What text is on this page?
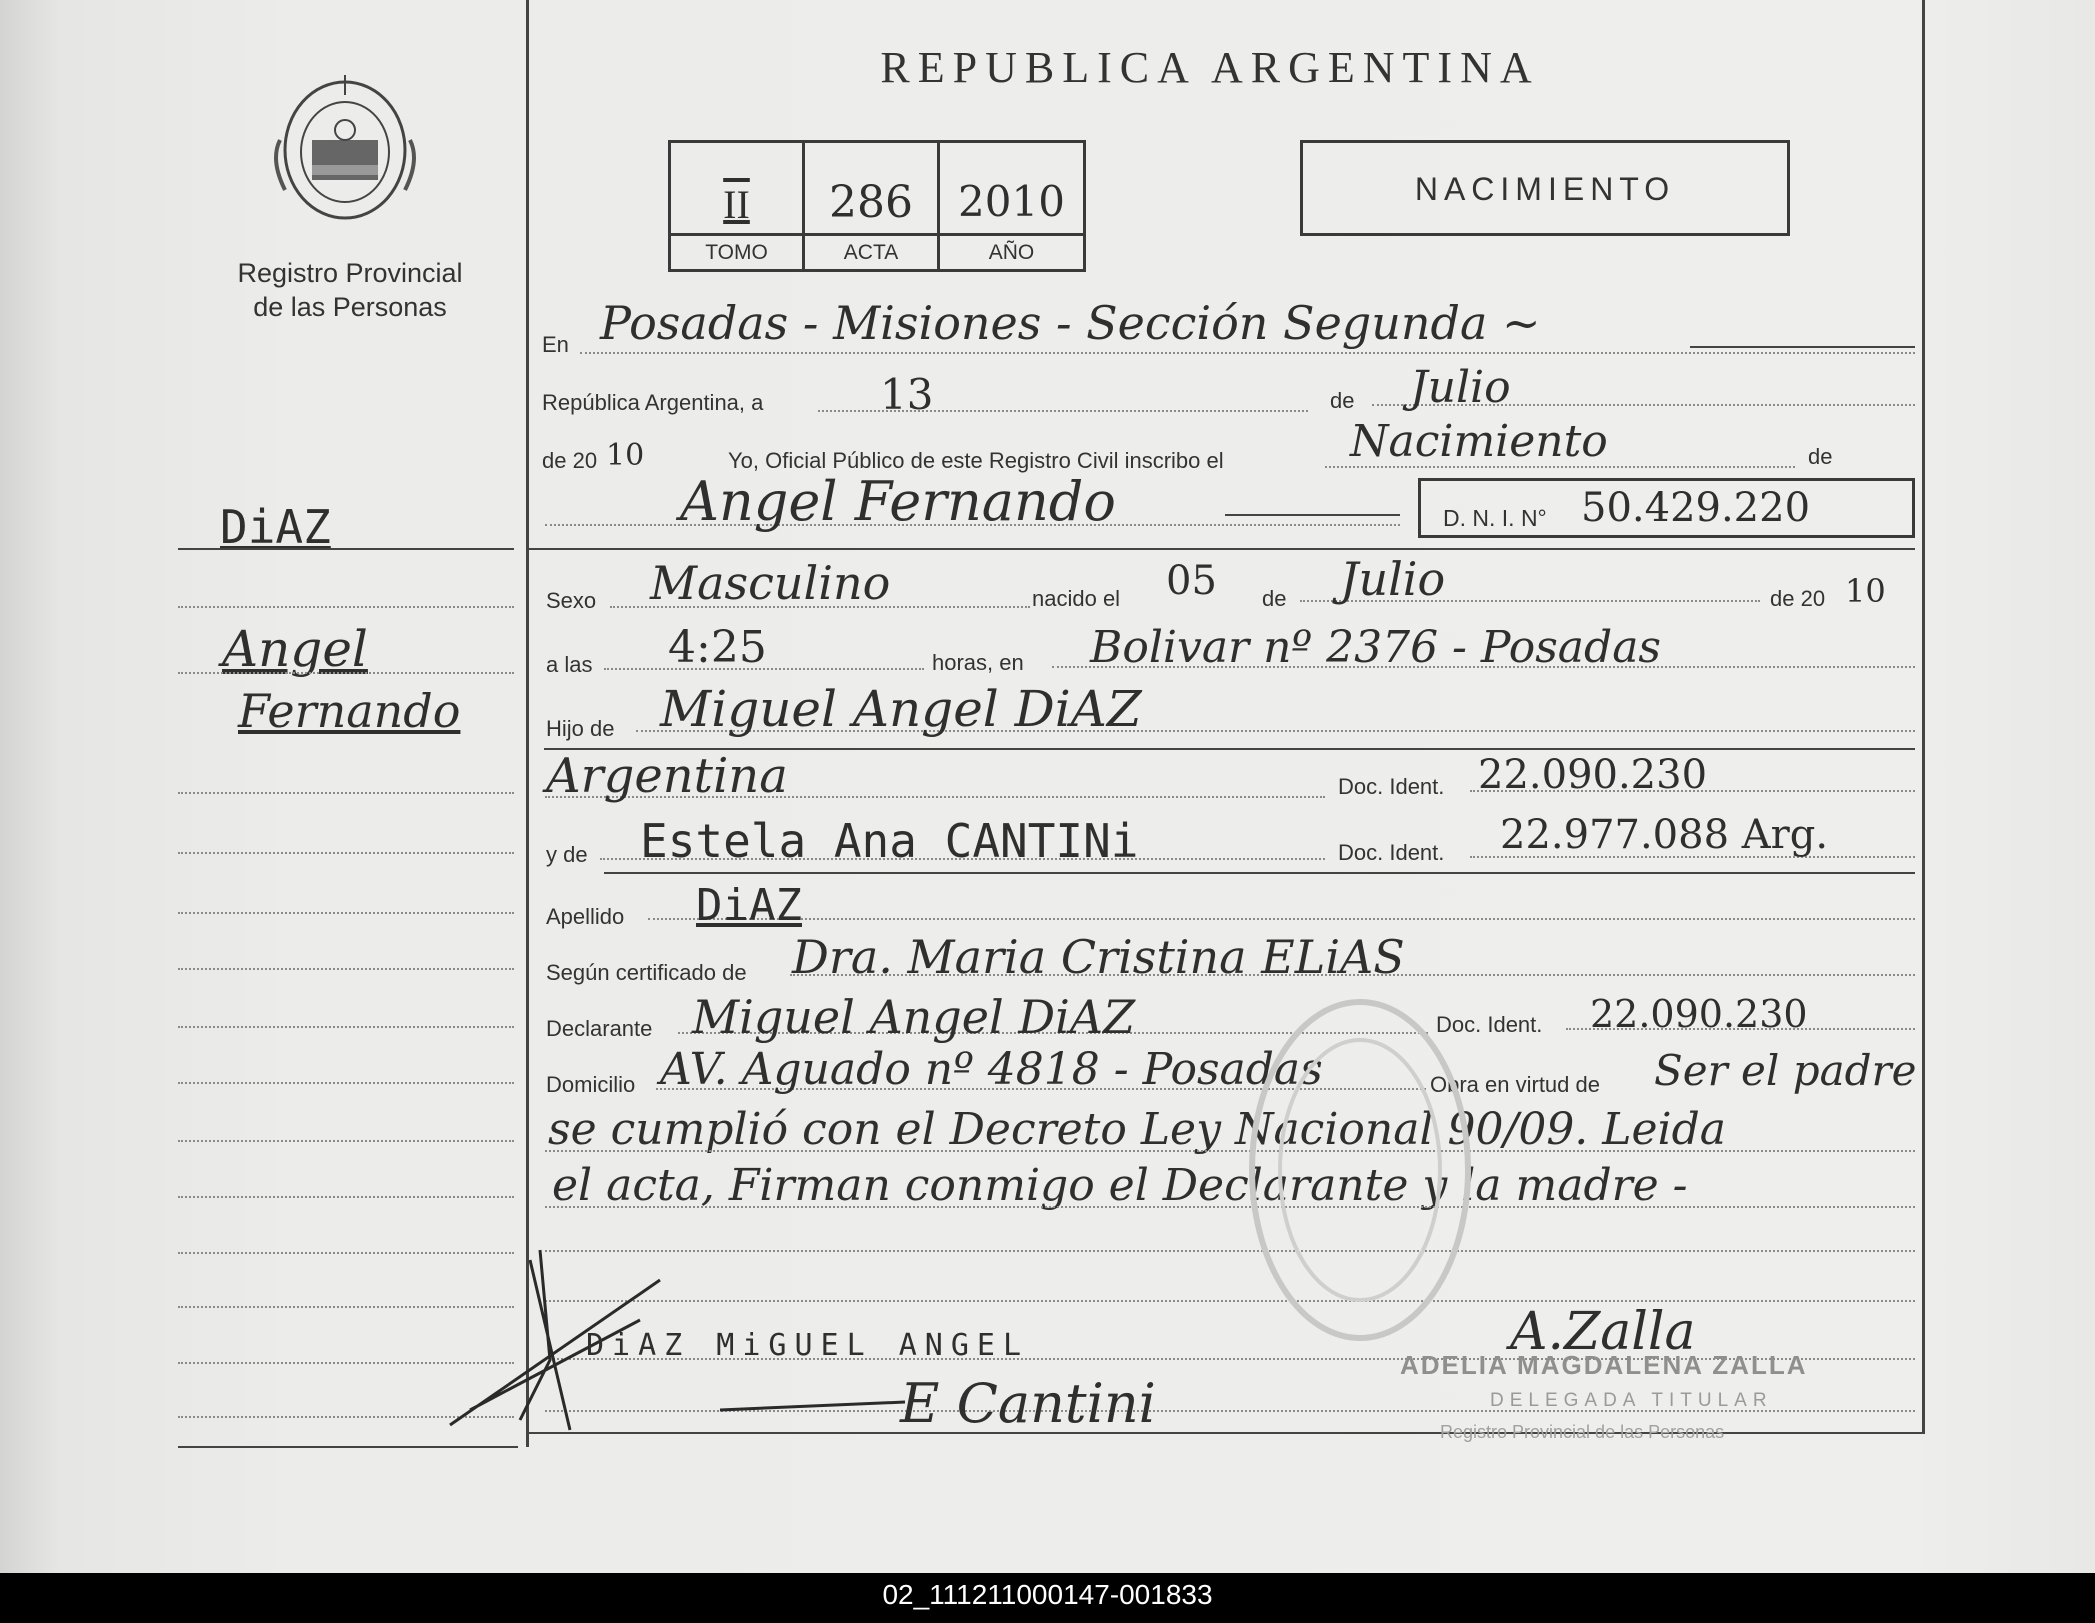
Registro Provincial
de las Personas
REPUBLICA ARGENTINA
II	286	2010
TOMO	ACTA	AÑO
NACIMIENTO
DiAZ
Angel
Fernando
En Posadas - Misiones - Sección Segunda ~
República Argentina, a	13	de Julio
de 20 10	Yo, Oficial Público de este Registro Civil inscribo el	Nacimiento	de
Angel Fernando	D. N. I. N° 50.429.220
Sexo Masculino	nacido el 05 de Julio	de 20 10
a las 4:25	horas, en Bolivar nº 2376 - Posadas
Hijo de Miguel Angel DiAZ
Argentina	Doc. Ident. 22.090.230
y de Estela Ana CANTINi	Doc. Ident. 22.977.088 Arg.
Apellido DiAZ
Según certificado de Dra. Maria Cristina ELiAS
Declarante Miguel Angel DiAZ	Doc. Ident. 22.090.230
Domicilio AV. Aguado nº 4818 - Posadas	Obra en virtud de Ser el padre
se cumplió con el Decreto Ley Nacional 90/09. Leida
el acta, Firman conmigo el Declarante y la madre -
DiAZ MiGUEL ANGEL
E Cantini
A.Zalla
ADELIA MAGDALENA ZALLA
DELEGADA TITULAR
Registro Provincial de las Personas
02_111211000147-001833
